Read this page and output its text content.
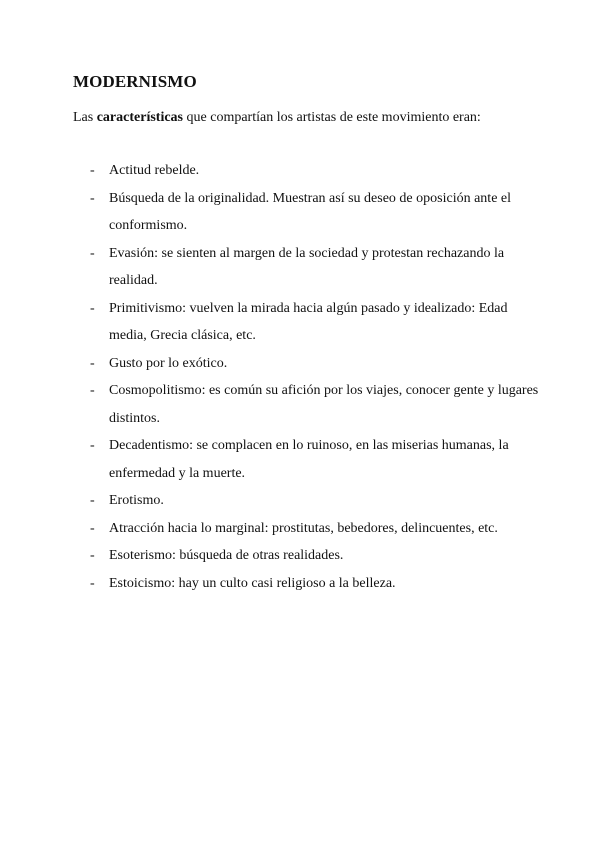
MODERNISMO
Las características que compartían los artistas de este movimiento eran:
- Actitud rebelde.
- Búsqueda de la originalidad. Muestran así su deseo de oposición ante el conformismo.
- Evasión: se sienten al margen de la sociedad y protestan rechazando la realidad.
- Primitivismo: vuelven la mirada hacia algún pasado y idealizado: Edad media, Grecia clásica, etc.
- Gusto por lo exótico.
- Cosmopolitismo: es común su afición por los viajes, conocer gente y lugares distintos.
- Decadentismo: se complacen en lo ruinoso, en las miserias humanas, la enfermedad y la muerte.
- Erotismo.
- Atracción hacia lo marginal: prostitutas, bebedores, delincuentes, etc.
- Esoterismo: búsqueda de otras realidades.
- Estoicismo: hay un culto casi religioso a la belleza.
